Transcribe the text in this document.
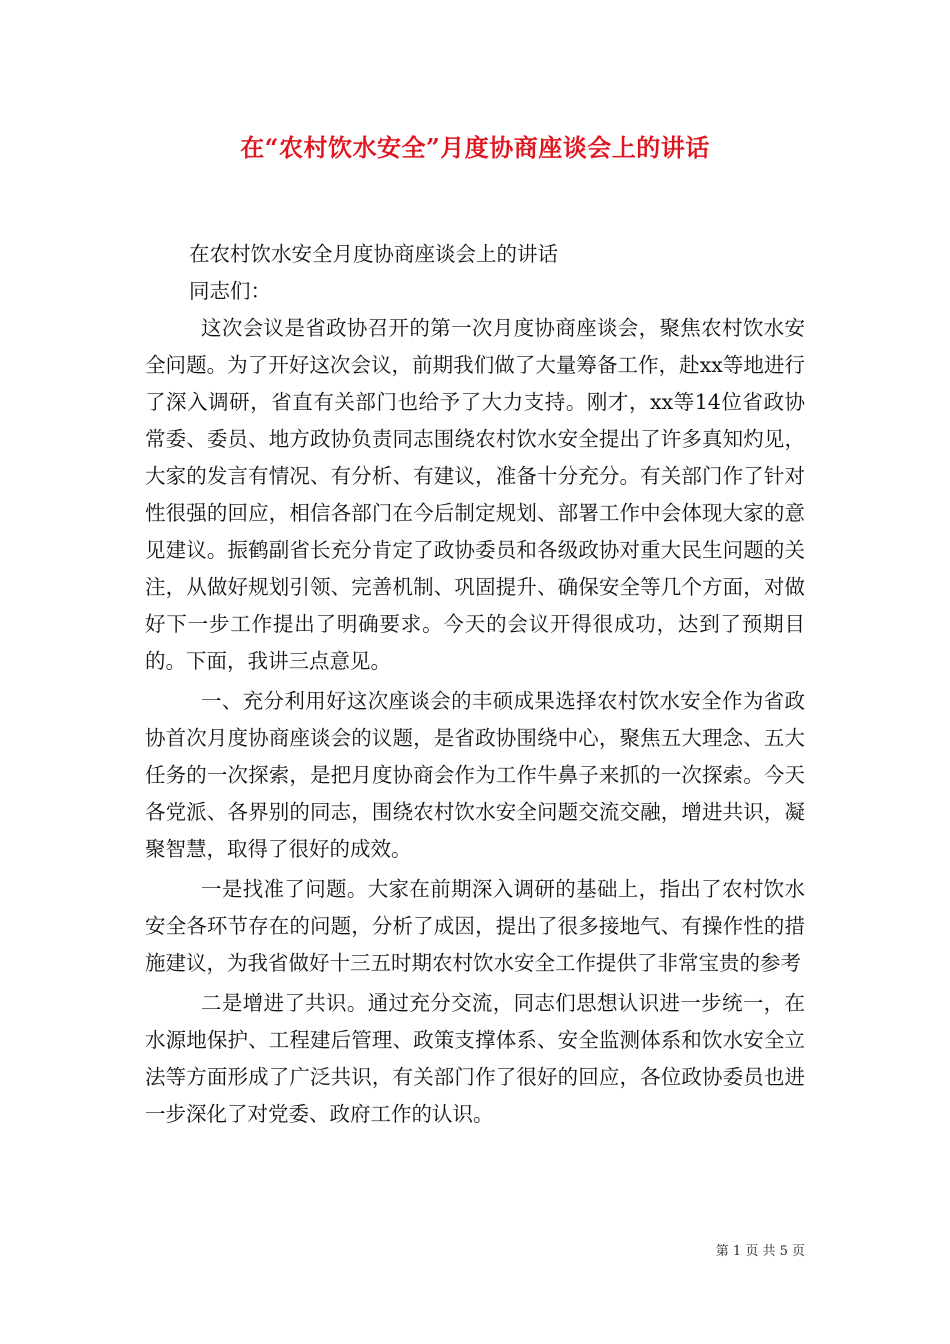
在“农村饮水安全”月度协商座谈会上的讲话

在农村饮水安全月度协商座谈会上的讲话

同志们：

这次会议是省政协召开的第一次月度协商座谈会，聚焦农村饮水安全问题。为了开好这次会议，前期我们做了大量筹备工作，赴xx等地进行了深入调研，省直有关部门也给予了大力支持。刚才，xx等14位省政协常委、委员、地方政协负责同志围绕农村饮水安全提出了许多真知灼见，大家的发言有情况、有分析、有建议，准备十分充分。有关部门作了针对性很强的回应，相信各部门在今后制定规划、部署工作中会体现大家的意见建议。振鹤副省长充分肯定了政协委员和各级政协对重大民生问题的关注，从做好规划引领、完善机制、巩固提升、确保安全等几个方面，对做好下一步工作提出了明确要求。今天的会议开得很成功，达到了预期目的。下面，我讲三点意见。

一、充分利用好这次座谈会的丰硕成果选择农村饮水安全作为省政协首次月度协商座谈会的议题，是省政协围绕中心，聚焦五大理念、五大任务的一次探索，是把月度协商会作为工作牛鼻子来抓的一次探索。今天各党派、各界别的同志，围绕农村饮水安全问题交流交融，增进共识，凝聚智慧，取得了很好的成效。

一是找准了问题。大家在前期深入调研的基础上，指出了农村饮水安全各环节存在的问题，分析了成因，提出了很多接地气、有操作性的措施建议，为我省做好十三五时期农村饮水安全工作提供了非常宝贵的参考

二是增进了共识。通过充分交流，同志们思想认识进一步统一，在水源地保护、工程建后管理、政策支撑体系、安全监测体系和饮水安全立法等方面形成了广泛共识，有关部门作了很好的回应，各位政协委员也进一步深化了对党委、政府工作的认识。

第 1 页 共 5 页
